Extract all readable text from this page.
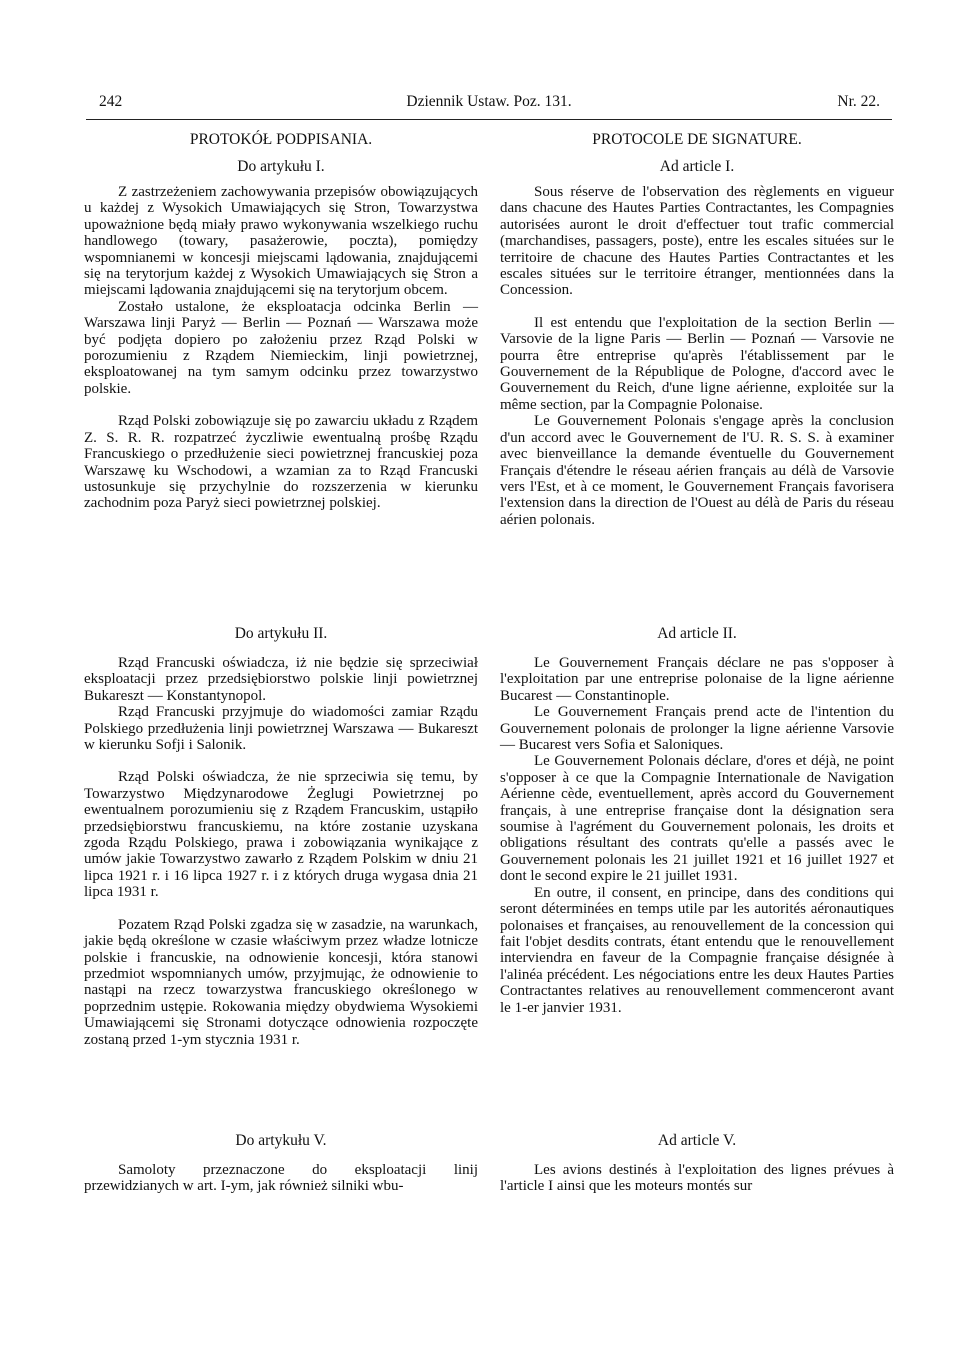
242	Dziennik Ustaw. Poz. 131.	Nr. 22.
PROTOKÓŁ PODPISANIA.
Do artykułu I.

Z zastrzeżeniem zachowywania przepisów obowiązujących u każdej z Wysokich Umawiających się Stron, Towarzystwa upoważnione będą miały prawo wykonywania wszelkiego ruchu handlowego (towary, pasażerowie, poczta), pomiędzy wspomnianemi w koncesji miejscami lądowania, znajdującemi się na terytorjum każdej z Wysokich Umawiających się Stron a miejscami lądowania znajdującemi się na terytorjum obcem.

Zostało ustalone, że eksploatacja odcinka Berlin — Warszawa linji Paryż — Berlin — Poznań — Warszawa może być podjęta dopiero po założeniu przez Rząd Polski w porozumieniu z Rządem Niemieckim, linji powietrznej, eksploatowanej na tym samym odcinku przez towarzystwo polskie.

Rząd Polski zobowiązuje się po zawarciu układu z Rządem Z. S. R. R. rozpatrzeć życzliwie ewentualną prośbę Rządu Francuskiego o przedłużenie sieci powietrznej francuskiej poza Warszawę ku Wschodowi, a wzamian za to Rząd Francuski ustosunkuje się przychylnie do rozszerzenia w kierunku zachodnim poza Paryż sieci powietrznej polskiej.

Do artykułu II.

Rząd Francuski oświadcza, iż nie będzie się sprzeciwiał eksploatacji przez przedsiębiorstwo polskie linji powietrznej Bukareszt — Konstantynopol.

Rząd Francuski przyjmuje do wiadomości zamiar Rządu Polskiego przedłużenia linji powietrznej Warszawa — Bukareszt w kierunku Sofji i Salonik.

Rząd Polski oświadcza, że nie sprzeciwia się temu, by Towarzystwo Międzynarodowe Żeglugi Powietrznej po ewentualnem porozumieniu się z Rządem Francuskim, ustąpiło przedsiębiorstwu francuskiemu, na które zostanie uzyskana zgoda Rządu Polskiego, prawa i zobowiązania wynikające z umów jakie Towarzystwo zawarło z Rządem Polskim w dniu 21 lipca 1921 r. i 16 lipca 1927 r. i z których druga wygasa dnia 21 lipca 1931 r.

Pozatem Rząd Polski zgadza się w zasadzie, na warunkach, jakie będą określone w czasie właściwym przez władze lotnicze polskie i francuskie, na odnowienie koncesji, która stanowi przedmiot wspomnianych umów, przyjmując, że odnowienie to nastąpi na rzecz towarzystwa francuskiego określonego w poprzednim ustępie. Rokowania między obydwiema Wysokiemi Umawiającemi się Stronami dotyczące odnowienia rozpoczęte zostaną przed 1-ym stycznia 1931 r.

Do artykułu V.

Samoloty przeznaczone do eksploatacji linij przewidzianych w art. I-ym, jak również silniki wbu-

PROTOCOLE DE SIGNATURE.
Ad article I.

Sous réserve de l'observation des règlements en vigueur dans chacune des Hautes Parties Contractantes, les Compagnies autorisées auront le droit d'effectuer tout trafic commercial (marchandises, passagers, poste), entre les escales situées sur le territoire de chacune des Hautes Parties Contractantes et les escales situées sur le territoire étranger, mentionnées dans la Concession.

Il est entendu que l'exploitation de la section Berlin — Varsovie de la ligne Paris — Berlin — Poznań — Varsovie ne pourra être entreprise qu'après l'établissement par le Gouvernement de la République de Pologne, d'accord avec le Gouvernement du Reich, d'une ligne aérienne, exploitée sur la même section, par la Compagnie Polonaise.

Le Gouvernement Polonais s'engage après la conclusion d'un accord avec le Gouvernement de l'U. R. S. S. à examiner avec bienveillance la demande éventuelle du Gouvernement Français d'étendre le réseau aérien français au délà de Varsovie vers l'Est, et à ce moment, le Gouvernement Français favorisera l'extension dans la direction de l'Ouest au délà de Paris du réseau aérien polonais.

Ad article II.

Le Gouvernement Français déclare ne pas s'opposer à l'exploitation par une entreprise polonaise de la ligne aérienne Bucarest — Constantinople.

Le Gouvernement Français prend acte de l'intention du Gouvernement polonais de prolonger la ligne aérienne Varsovie — Bucarest vers Sofia et Saloniques.

Le Gouvernement Polonais déclare, d'ores et déjà, ne point s'opposer à ce que la Compagnie Internationale de Navigation Aérienne cède, eventuellement, après accord du Gouvernement français, à une entreprise française dont la désignation sera soumise à l'agrément du Gouvernement polonais, les droits et obligations résultant des contrats qu'elle a passés avec le Gouvernement polonais les 21 juillet 1921 et 16 juillet 1927 et dont le second expire le 21 juillet 1931.

En outre, il consent, en principe, dans des conditions qui seront déterminées en temps utile par les autorités aéronautiques polonaises et françaises, au renouvellement de la concession qui fait l'objet desdits contrats, étant entendu que le renouvellement interviendra en faveur de la Compagnie française désignée à l'alinéa précédent. Les négociations entre les deux Hautes Parties Contractantes relatives au renouvellement commenceront avant le 1-er janvier 1931.

Ad article V.

Les avions destinés à l'exploitation des lignes prévues à l'article I ainsi que les moteurs montés sur
